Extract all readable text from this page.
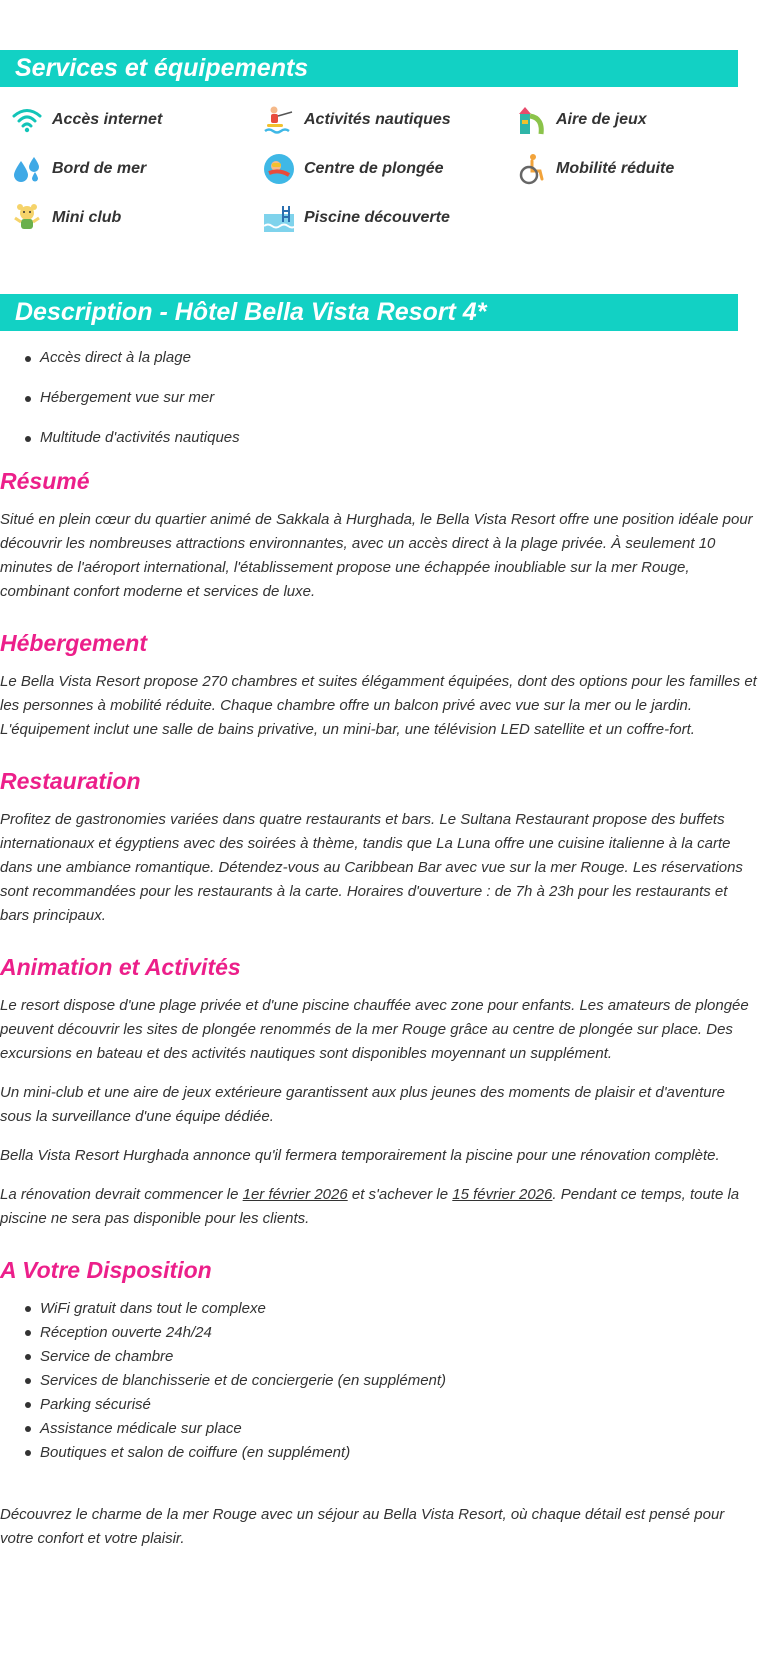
Services et équipements
Accès internet	Activités nautiques	Aire de jeux
Bord de mer	Centre de plongée	Mobilité réduite
Mini club	Piscine découverte
Description - Hôtel Bella Vista Resort 4*
Accès direct à la plage
Hébergement vue sur mer
Multitude d'activités nautiques
Résumé

Situé en plein cœur du quartier animé de Sakkala à Hurghada, le Bella Vista Resort offre une position idéale pour découvrir les nombreuses attractions environnantes, avec un accès direct à la plage privée. À seulement 10 minutes de l'aéroport international, l'établissement propose une échappée inoubliable sur la mer Rouge, combinant confort moderne et services de luxe.

Hébergement

Le Bella Vista Resort propose 270 chambres et suites élégamment équipées, dont des options pour les familles et les personnes à mobilité réduite. Chaque chambre offre un balcon privé avec vue sur la mer ou le jardin. L'équipement inclut une salle de bains privative, un mini-bar, une télévision LED satellite et un coffre-fort.

Restauration

Profitez de gastronomies variées dans quatre restaurants et bars. Le Sultana Restaurant propose des buffets internationaux et égyptiens avec des soirées à thème, tandis que La Luna offre une cuisine italienne à la carte dans une ambiance romantique. Détendez-vous au Caribbean Bar avec vue sur la mer Rouge. Les réservations sont recommandées pour les restaurants à la carte. Horaires d'ouverture : de 7h à 23h pour les restaurants et bars principaux.

Animation et Activités

Le resort dispose d'une plage privée et d'une piscine chauffée avec zone pour enfants. Les amateurs de plongée peuvent découvrir les sites de plongée renommés de la mer Rouge grâce au centre de plongée sur place. Des excursions en bateau et des activités nautiques sont disponibles moyennant un supplément.

Un mini-club et une aire de jeux extérieure garantissent aux plus jeunes des moments de plaisir et d'aventure sous la surveillance d'une équipe dédiée.

Bella Vista Resort Hurghada annonce qu'il fermera temporairement la piscine pour une rénovation complète.

La rénovation devrait commencer le 1er février 2026 et s'achever le 15 février 2026. Pendant ce temps, toute la piscine ne sera pas disponible pour les clients.

A Votre Disposition
WiFi gratuit dans tout le complexe
Réception ouverte 24h/24
Service de chambre
Services de blanchisserie et de conciergerie (en supplément)
Parking sécurisé
Assistance médicale sur place
Boutiques et salon de coiffure (en supplément)

Découvrez le charme de la mer Rouge avec un séjour au Bella Vista Resort, où chaque détail est pensé pour votre confort et votre plaisir.
